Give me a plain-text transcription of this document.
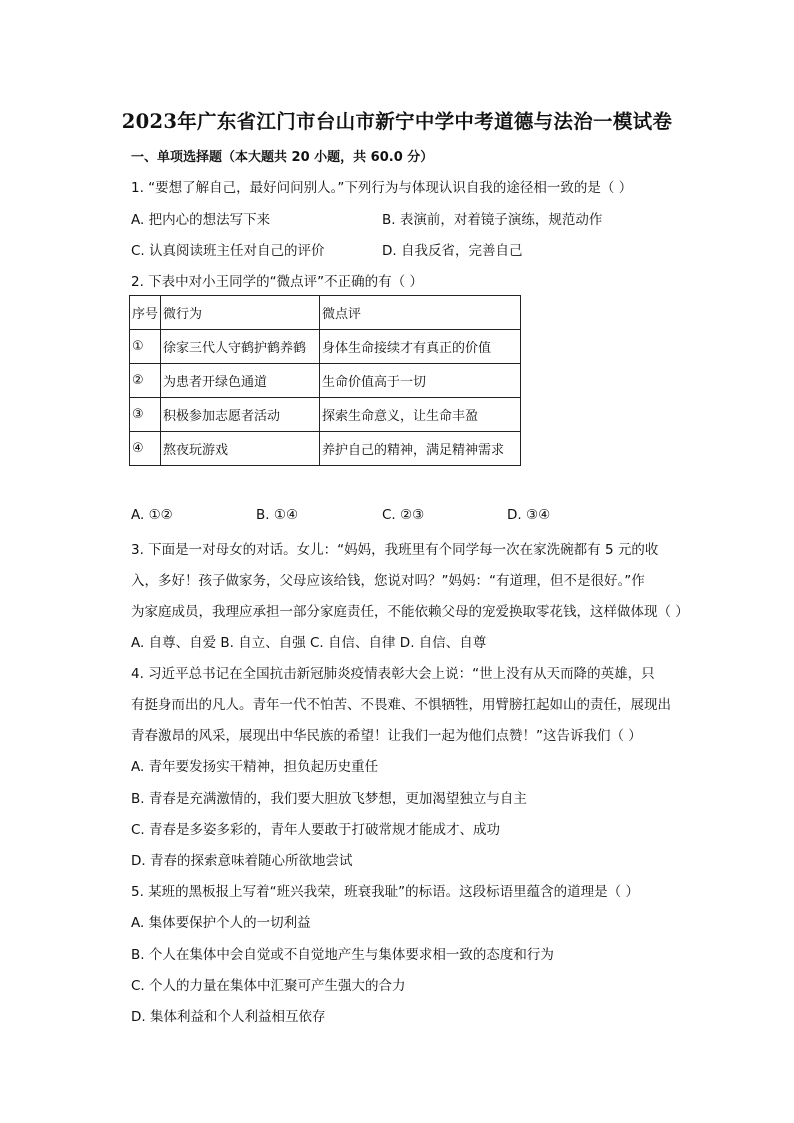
2023年广东省江门市台山市新宁中学中考道德与法治一模试卷
一、单项选择题（本大题共 20 小题，共 60.0 分）
1. “要想了解自己，最好问问别人。”下列行为与体现认识自我的途径相一致的是（ ）
A. 把内心的想法写下来	B. 表演前，对着镜子演练，规范动作
C. 认真阅读班主任对自己的评价	D. 自我反省，完善自己
2. 下表中对小王同学的“微点评”不正确的有（ ）
序号	微行为	微点评
①	徐家三代人守鹤护鹤养鹤	身体生命接续才有真正的价值
②	为患者开绿色通道	生命价值高于一切
③	积极参加志愿者活动	探索生命意义，让生命丰盈
④	熬夜玩游戏	养护自己的精神，满足精神需求
A. ①②	B. ①④	C. ②③	D. ③④
3. 下面是一对母女的对话。女儿：“妈妈，我班里有个同学每一次在家洗碗都有 5 元的收
入，多好！孩子做家务，父母应该给钱，您说对吗？”妈妈：“有道理，但不是很好。”作
为家庭成员，我理应承担一部分家庭责任，不能依赖父母的宠爱换取零花钱，这样做体现（ ）
A. 自尊、自爱 B. 自立、自强 C. 自信、自律 D. 自信、自尊
4. 习近平总书记在全国抗击新冠肺炎疫情表彰大会上说：“世上没有从天而降的英雄，只
有挺身而出的凡人。青年一代不怕苦、不畏难、不惧牺牲，用臂膀扛起如山的责任，展现出
青春激昂的风采，展现出中华民族的希望！让我们一起为他们点赞！”这告诉我们（ ）
A. 青年要发扬实干精神，担负起历史重任
B. 青春是充满激情的，我们要大胆放飞梦想，更加渴望独立与自主
C. 青春是多姿多彩的，青年人要敢于打破常规才能成才、成功
D. 青春的探索意味着随心所欲地尝试
5. 某班的黑板报上写着“班兴我荣，班衰我耻”的标语。这段标语里蕴含的道理是（ ）
A. 集体要保护个人的一切利益
B. 个人在集体中会自觉或不自觉地产生与集体要求相一致的态度和行为
C. 个人的力量在集体中汇聚可产生强大的合力
D. 集体利益和个人利益相互依存
